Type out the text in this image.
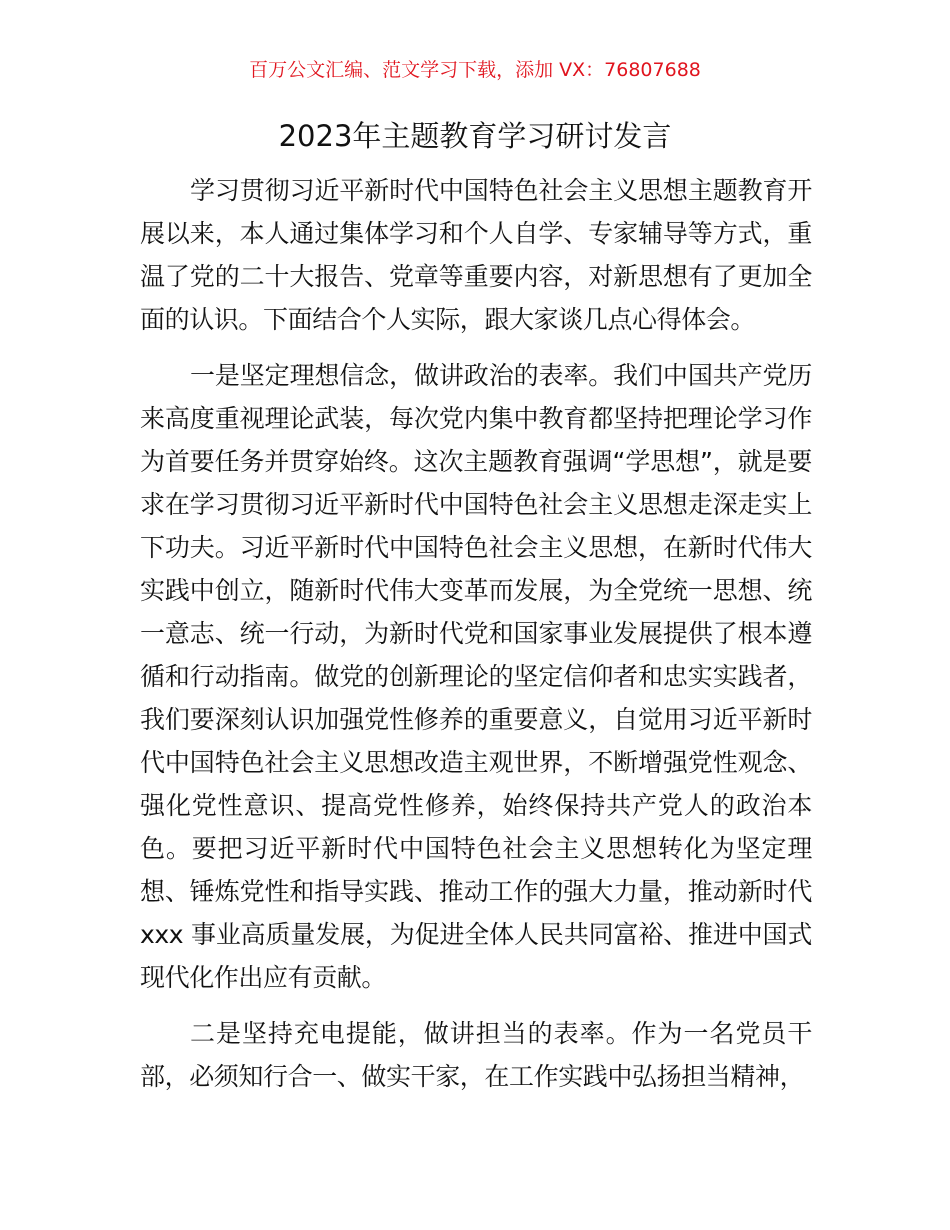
百万公文汇编、范文学习下载，添加 VX：76807688
2023年主题教育学习研讨发言

学习贯彻习近平新时代中国特色社会主义思想主题教育开展以来，本人通过集体学习和个人自学、专家辅导等方式，重温了党的二十大报告、党章等重要内容，对新思想有了更加全面的认识。下面结合个人实际，跟大家谈几点心得体会。

一是坚定理想信念，做讲政治的表率。我们中国共产党历来高度重视理论武装，每次党内集中教育都坚持把理论学习作为首要任务并贯穿始终。这次主题教育强调“学思想”，就是要求在学习贯彻习近平新时代中国特色社会主义思想走深走实上下功夫。习近平新时代中国特色社会主义思想，在新时代伟大实践中创立，随新时代伟大变革而发展，为全党统一思想、统一意志、统一行动，为新时代党和国家事业发展提供了根本遵循和行动指南。做党的创新理论的坚定信仰者和忠实实践者，我们要深刻认识加强党性修养的重要意义，自觉用习近平新时代中国特色社会主义思想改造主观世界，不断增强党性观念、强化党性意识、提高党性修养，始终保持共产党人的政治本色。要把习近平新时代中国特色社会主义思想转化为坚定理想、锤炼党性和指导实践、推动工作的强大力量，推动新时代xxx 事业高质量发展，为促进全体人民共同富裕、推进中国式现代化作出应有贡献。

二是坚持充电提能，做讲担当的表率。作为一名党员干部，必须知行合一、做实干家，在工作实践中弘扬担当精神，
